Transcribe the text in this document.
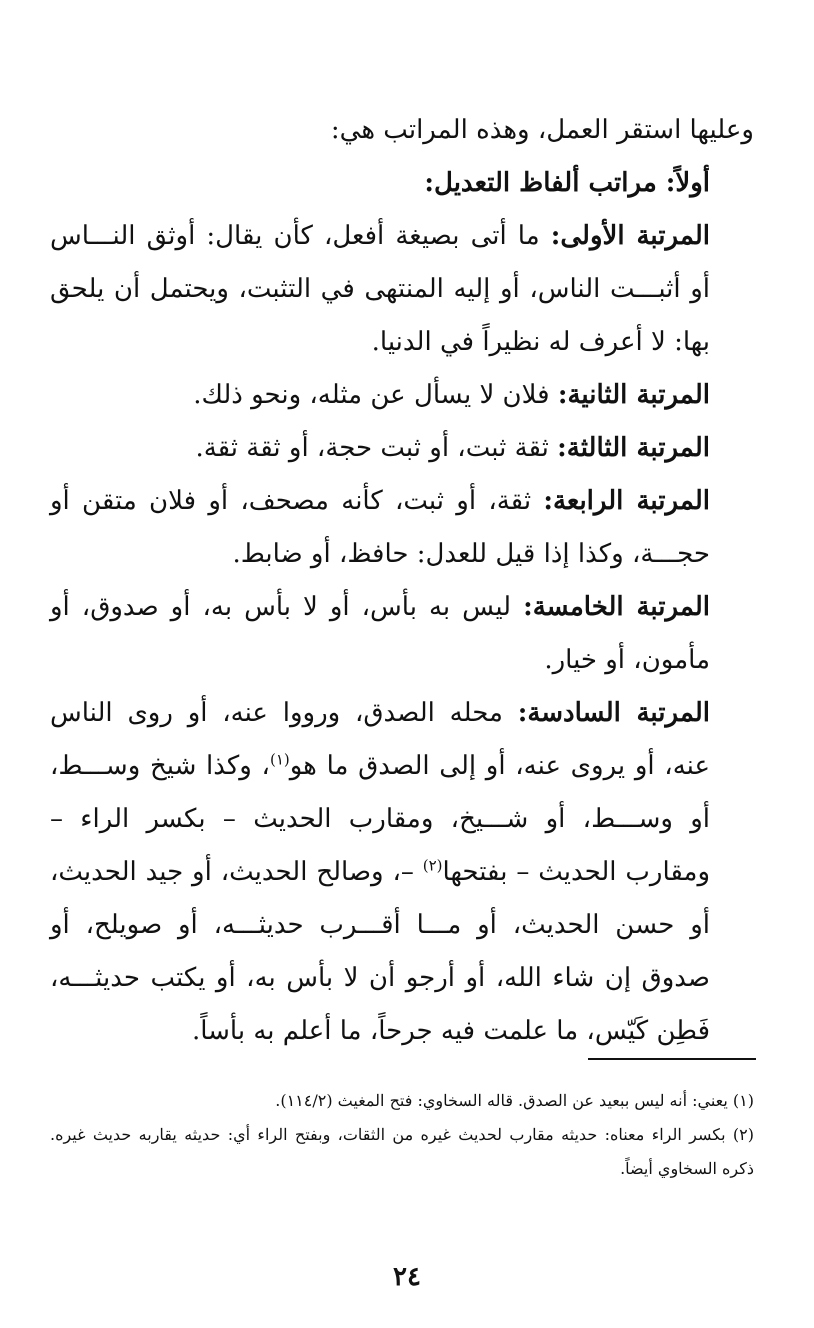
وعليها استقر العمل، وهذه المراتب هي:

أولاً: مراتب ألفاظ التعديل:

المرتبة الأولى: ما أتى بصيغة أفعل، كأن يقال: أوثق النـــاس أو أثبـــت الناس، أو إليه المنتهى في التثبت، ويحتمل أن يلحق بها: لا أعرف له نظيراً في الدنيا.

المرتبة الثانية: فلان لا يسأل عن مثله، ونحو ذلك.

المرتبة الثالثة: ثقة ثبت، أو ثبت حجة، أو ثقة ثقة.

المرتبة الرابعة: ثقة، أو ثبت، كأنه مصحف، أو فلان متقن أو حجـــة، وكذا إذا قيل للعدل: حافظ، أو ضابط.

المرتبة الخامسة: ليس به بأس، أو لا بأس به، أو صدوق، أو مأمون، أو خيار.

المرتبة السادسة: محله الصدق، ورووا عنه، أو روى الناس عنه، أو يروى عنه، أو إلى الصدق ما هو$^{(١)}$، وكذا شيخ وســـط، أو وســـط، أو شـــيخ، ومقارب الحديث – بكسر الراء – ومقارب الحديث – بفتحها$^{(٢)}$ –، وصالح الحديث، أو جيد الحديث، أو حسن الحديث، أو مـــا أقـــرب حديثـــه، أو صويلح، أو صدوق إن شاء الله، أو أرجو أن لا بأس به، أو يكتب حديثـــه، فَطِن كَيّس، ما علمت فيه جرحاً، ما أعلم به بأساً.

(١) يعني: أنه ليس ببعيد عن الصدق. قاله السخاوي: فتح المغيث (١١٤/٢).

(٢) بكسر الراء معناه: حديثه مقارب لحديث غيره من الثقات، وبفتح الراء أي: حديثه يقاربه حديث غيره. ذكره السخاوي أيضاً.

٢٤
